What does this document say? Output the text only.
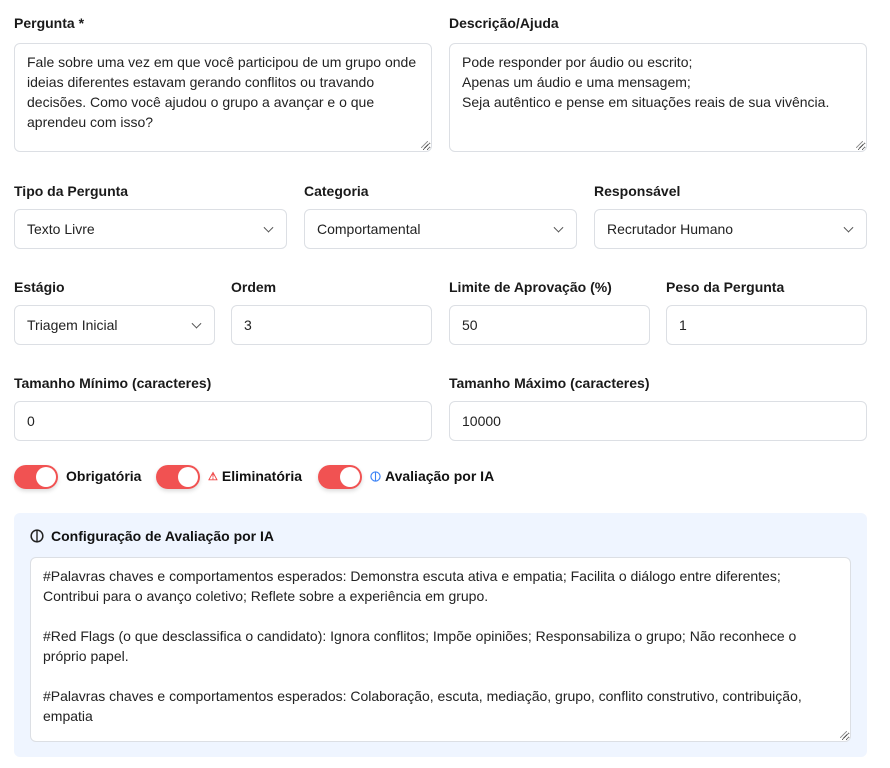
Pergunta *
Fale sobre uma vez em que você participou de um grupo onde ideias diferentes estavam gerando conflitos ou travando decisões. Como você ajudou o grupo a avançar e o que aprendeu com isso?
Descrição/Ajuda
Pode responder por áudio ou escrito;
Apenas um áudio e uma mensagem;
Seja autêntico e pense em situações reais de sua vivência.
Tipo da Pergunta
Texto Livre
Categoria
Comportamental
Responsável
Recrutador Humano
Estágio
Triagem Inicial
Ordem
3
Limite de Aprovação (%)
50
Peso da Pergunta
1
Tamanho Mínimo (caracteres)
0
Tamanho Máximo (caracteres)
10000
Obrigatória	⚠ Eliminatória	Avaliação por IA
Configuração de Avaliação por IA
#Palavras chaves e comportamentos esperados: Demonstra escuta ativa e empatia; Facilita o diálogo entre diferentes; Contribui para o avanço coletivo; Reflete sobre a experiência em grupo.

#Red Flags (o que desclassifica o candidato): Ignora conflitos; Impõe opiniões; Responsabiliza o grupo; Não reconhece o próprio papel.

#Palavras chaves e comportamentos esperados: Colaboração, escuta, mediação, grupo, conflito construtivo, contribuição, empatia
